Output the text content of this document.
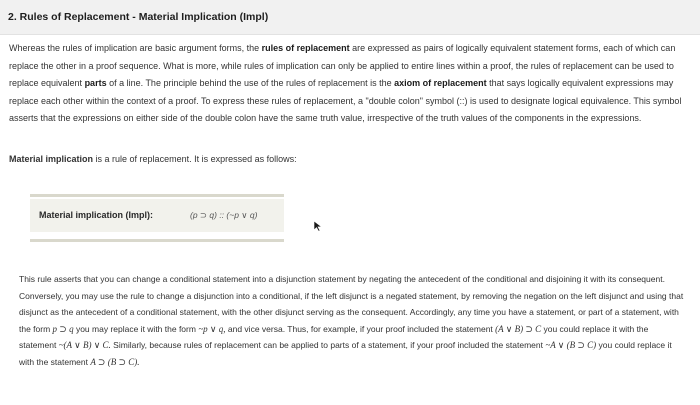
2. Rules of Replacement - Material Implication (Impl)

Whereas the rules of implication are basic argument forms, the rules of replacement are expressed as pairs of logically equivalent statement forms, each of which can replace the other in a proof sequence. What is more, while rules of implication can only be applied to entire lines within a proof, the rules of replacement can be used to replace equivalent parts of a line. The principle behind the use of the rules of replacement is the axiom of replacement that says logically equivalent expressions may replace each other within the context of a proof. To express these rules of replacement, a "double colon" symbol (::) is used to designate logical equivalence. This symbol asserts that the expressions on either side of the double colon have the same truth value, irrespective of the truth values of the components in the expressions.

Material implication is a rule of replacement. It is expressed as follows:

Material implication (Impl):	(p ⊃ q) :: (~p ∨ q)

This rule asserts that you can change a conditional statement into a disjunction statement by negating the antecedent of the conditional and disjoining it with its consequent. Conversely, you may use the rule to change a disjunction into a conditional, if the left disjunct is a negated statement, by removing the negation on the left disjunct and using that disjunct as the antecedent of a conditional statement, with the other disjunct serving as the consequent. Accordingly, any time you have a statement, or part of a statement, with the form p ⊃ q you may replace it with the form ~p ∨ q, and vice versa. Thus, for example, if your proof included the statement (A ∨ B) ⊃ C you could replace it with the statement ~(A ∨ B) ∨ C. Similarly, because rules of replacement can be applied to parts of a statement, if your proof included the statement ~A ∨ (B ⊃ C) you could replace it with the statement A ⊃ (B ⊃ C).
